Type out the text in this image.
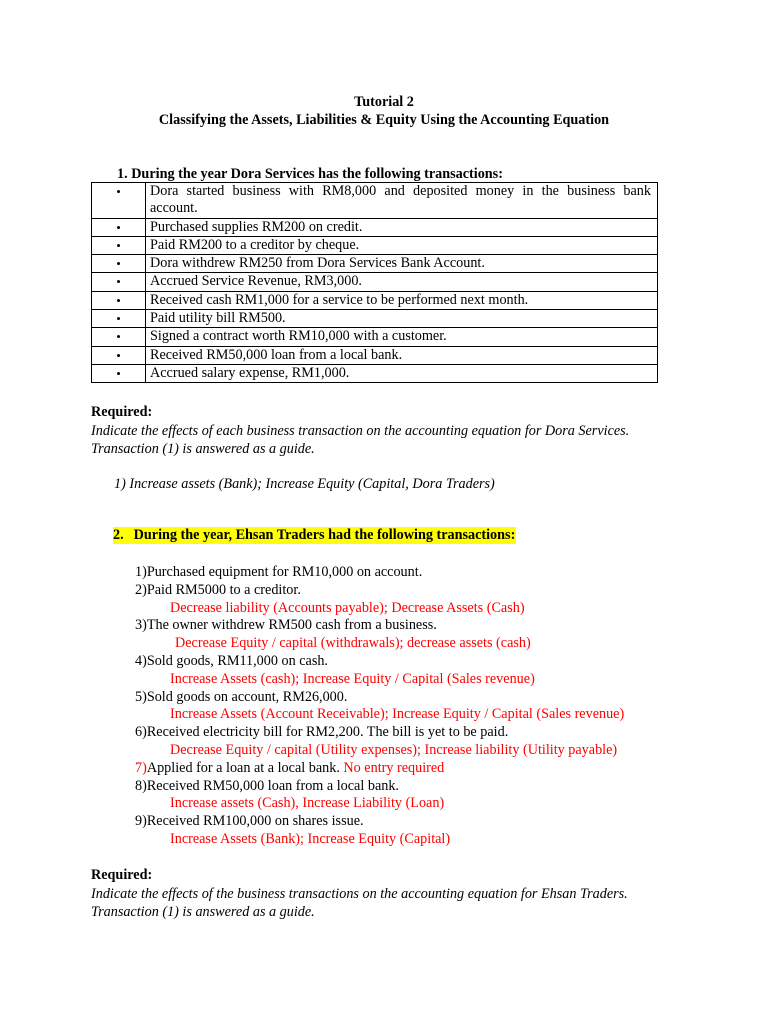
Tutorial 2
Classifying the Assets, Liabilities & Equity Using the Accounting Equation
1. During the year Dora Services has the following transactions:
•	Dora started business with RM8,000 and deposited money in the business bank account.
•	Purchased supplies RM200 on credit.
•	Paid RM200 to a creditor by cheque.
•	Dora withdrew RM250 from Dora Services Bank Account.
•	Accrued Service Revenue, RM3,000.
•	Received cash RM1,000 for a service to be performed next month.
•	Paid utility bill RM500.
•	Signed a contract worth RM10,000 with a customer.
•	Received RM50,000 loan from a local bank.
•	Accrued salary expense, RM1,000.
Required:
Indicate the effects of each business transaction on the accounting equation for Dora Services. Transaction (1) is answered as a guide.
1) Increase assets (Bank); Increase Equity (Capital, Dora Traders)
2. During the year, Ehsan Traders had the following transactions:
1)Purchased equipment for RM10,000 on account.
2)Paid RM5000 to a creditor.
Decrease liability (Accounts payable); Decrease Assets (Cash)
3)The owner withdrew RM500 cash from a business.
Decrease Equity / capital (withdrawals); decrease assets (cash)
4)Sold goods, RM11,000 on cash.
Increase Assets (cash); Increase Equity / Capital (Sales revenue)
5)Sold goods on account, RM26,000.
Increase Assets (Account Receivable); Increase Equity / Capital (Sales revenue)
6)Received electricity bill for RM2,200. The bill is yet to be paid.
Decrease Equity / capital (Utility expenses); Increase liability (Utility payable)
7)Applied for a loan at a local bank. No entry required
8)Received RM50,000 loan from a local bank.
Increase assets (Cash), Increase Liability (Loan)
9)Received RM100,000 on shares issue.
Increase Assets (Bank); Increase Equity (Capital)
Required:
Indicate the effects of the business transactions on the accounting equation for Ehsan Traders. Transaction (1) is answered as a guide.
